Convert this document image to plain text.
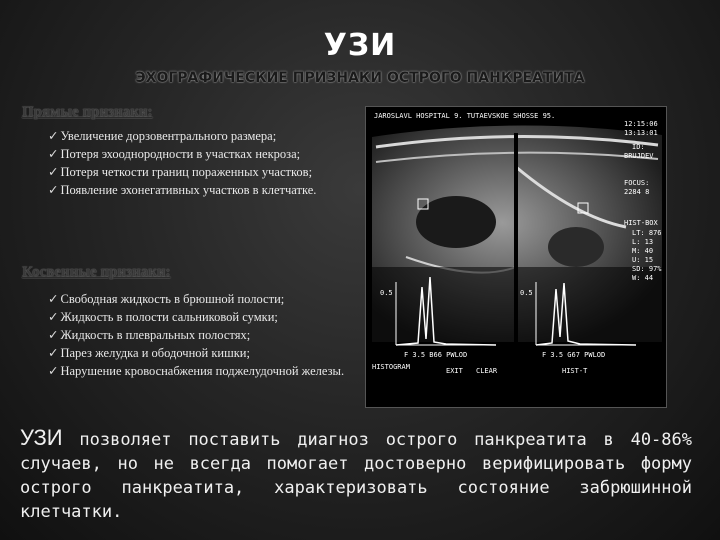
УЗИ
ЭХОГРАФИЧЕСКИЕ ПРИЗНАКИ ОСТРОГО ПАНКРЕАТИТА
Прямые признаки:
✓ Увеличение дорзовентрального размера;
✓ Потеря эхооднородности в участках некроза;
✓ Потеря четкости границ пораженных участков;
✓ Появление эхонегативных участков в клетчатке.
Косвенные признаки:
✓ Свободная жидкость в брюшной полости;
✓ Жидкость в полости сальниковой сумки;
✓ Жидкость в плевральных полостях;
✓ Парез желудка и ободочной кишки;
✓ Нарушение кровоснабжения поджелудочной железы.
JAROSLAVL HOSPITAL 9. TUTAEVSKOE SHOSSE 95.
12:15:06
13:13:01
ID:
BRUJDEV
FOCUS:
2284 8
HIST-BOX
LT: 876
L: 13
M: 40
U: 15
SD: 97%
W: 44
0.5	0.5
F 3.5 B66 PWLOD	F 3.5 G67 PWLOD
HISTOGRAM	EXIT CLEAR	HIST-T
УЗИ позволяет поставить диагноз острого панкреатита в 40-86% случаев, но не всегда помогает достоверно верифицировать форму острого панкреатита, характеризовать состояние забрюшинной клетчатки.
